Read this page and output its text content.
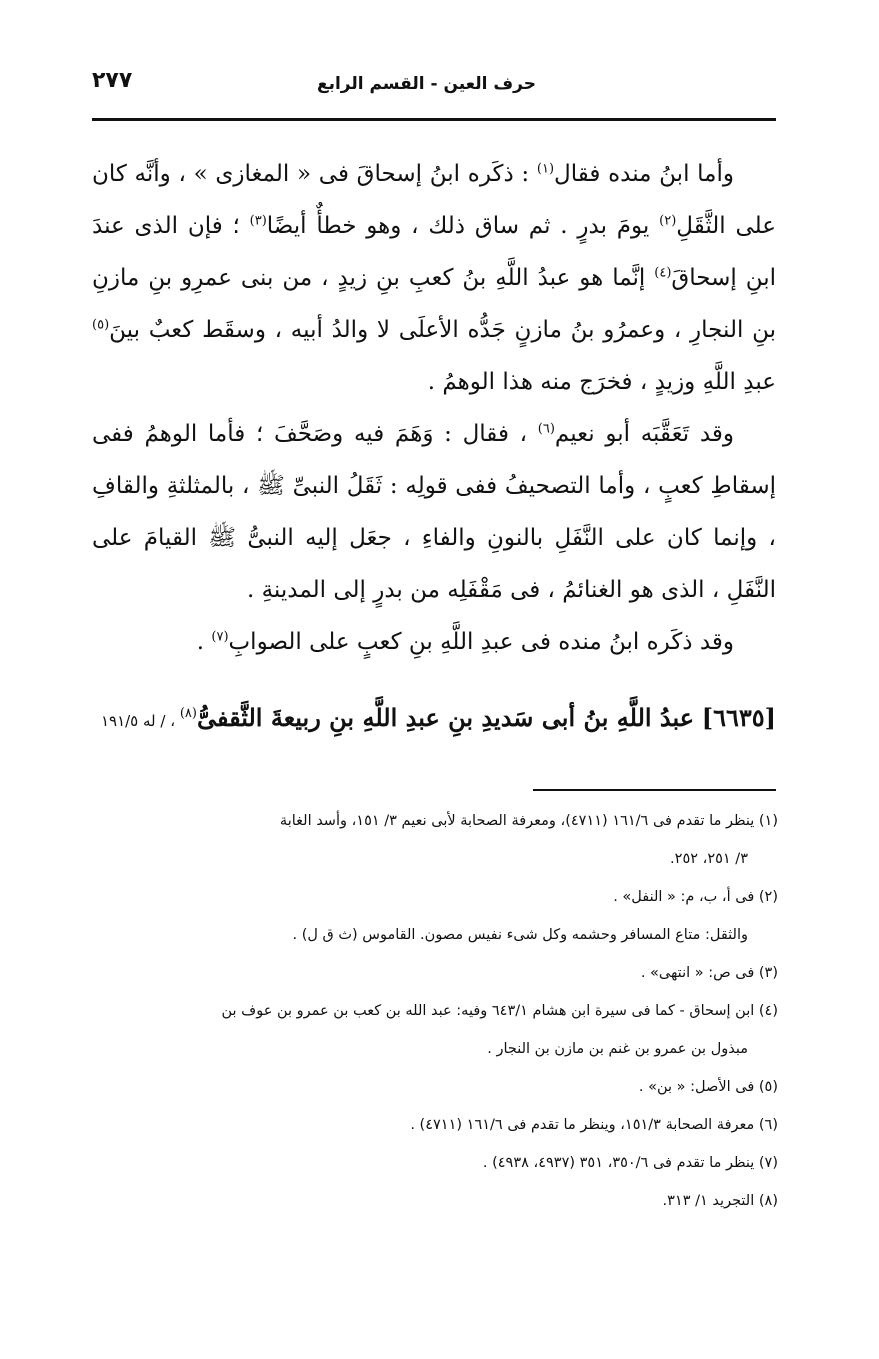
حرف العين - القسم الرابع
٢٧٧

وأما ابنُ منده فقال$^{(١)}$ : ذكَره ابنُ إسحاقَ فى « المغازى » ، وأنَّه كان على الثَّقَلِ$^{(٢)}$ يومَ بدرٍ . ثم ساق ذلك ، وهو خطأٌ أيضًا$^{(٣)}$ ؛ فإن الذى عندَ ابنِ إسحاقَ$^{(٤)}$ إنَّما هو عبدُ اللَّهِ بنُ كعبِ بنِ زيدٍ ، من بنى عمرِو بنِ مازنِ بنِ النجارِ ، وعمرُو بنُ مازنٍ جَدُّه الأعلَى لا والدُ أبيه ، وسقَط كعبٌ بينَ$^{(٥)}$ عبدِ اللَّهِ وزيدٍ ، فخرَج منه هذا الوهمُ .

وقد تَعَقَّبَه أبو نعيم$^{(٦)}$ ، فقال : وَهَمَ فيه وصَحَّفَ ؛ فأما الوهمُ ففى إسقاطِ كعبٍ ، وأما التصحيفُ ففى قولِه : ثَقَلُ النبىِّ ﷺ ، بالمثلثةِ والقافِ ، وإنما كان على النَّفَلِ بالنونِ والفاءِ ، جعَل إليه النبىُّ ﷺ القيامَ على النَّفَلِ ، الذى هو الغنائمُ ، فى مَقْفَلِه من بدرٍ إلى المدينةِ .

وقد ذكَره ابنُ منده فى عبدِ اللَّهِ بنِ كعبٍ على الصوابِ$^{(٧)}$ .

[٦٦٣٥] عبدُ اللَّهِ بنُ أبى سَديدِ بنِ عبدِ اللَّهِ بنِ ربيعةَ الثَّقفىُّ$^{(٨)}$ ، / له ١٩١/٥

(١) ينظر ما تقدم فى ١٦١/٦ (٤٧١١)، ومعرفة الصحابة لأبى نعيم ٣/ ١٥١، وأسد الغابة

٣/ ٢٥١، ٢٥٢.

(٢) فى أ، ب، م: « النفل» .

والثقل: متاع المسافر وحشمه وكل شىء نفيس مصون. القاموس (ث ق ل) .

(٣) فى ص: « انتهى» .

(٤) ابن إسحاق - كما فى سيرة ابن هشام ٦٤٣/١ وفيه: عبد الله بن كعب بن عمرو بن عوف بن

مبذول بن عمرو بن غنم بن مازن بن النجار .

(٥) فى الأصل: « بن» .

(٦) معرفة الصحابة ١٥١/٣، وينظر ما تقدم فى ١٦١/٦ (٤٧١١) .

(٧) ينظر ما تقدم فى ٣٥٠/٦، ٣٥١ (٤٩٣٧، ٤٩٣٨) .

(٨) التجريد ١/ ٣١٣.
